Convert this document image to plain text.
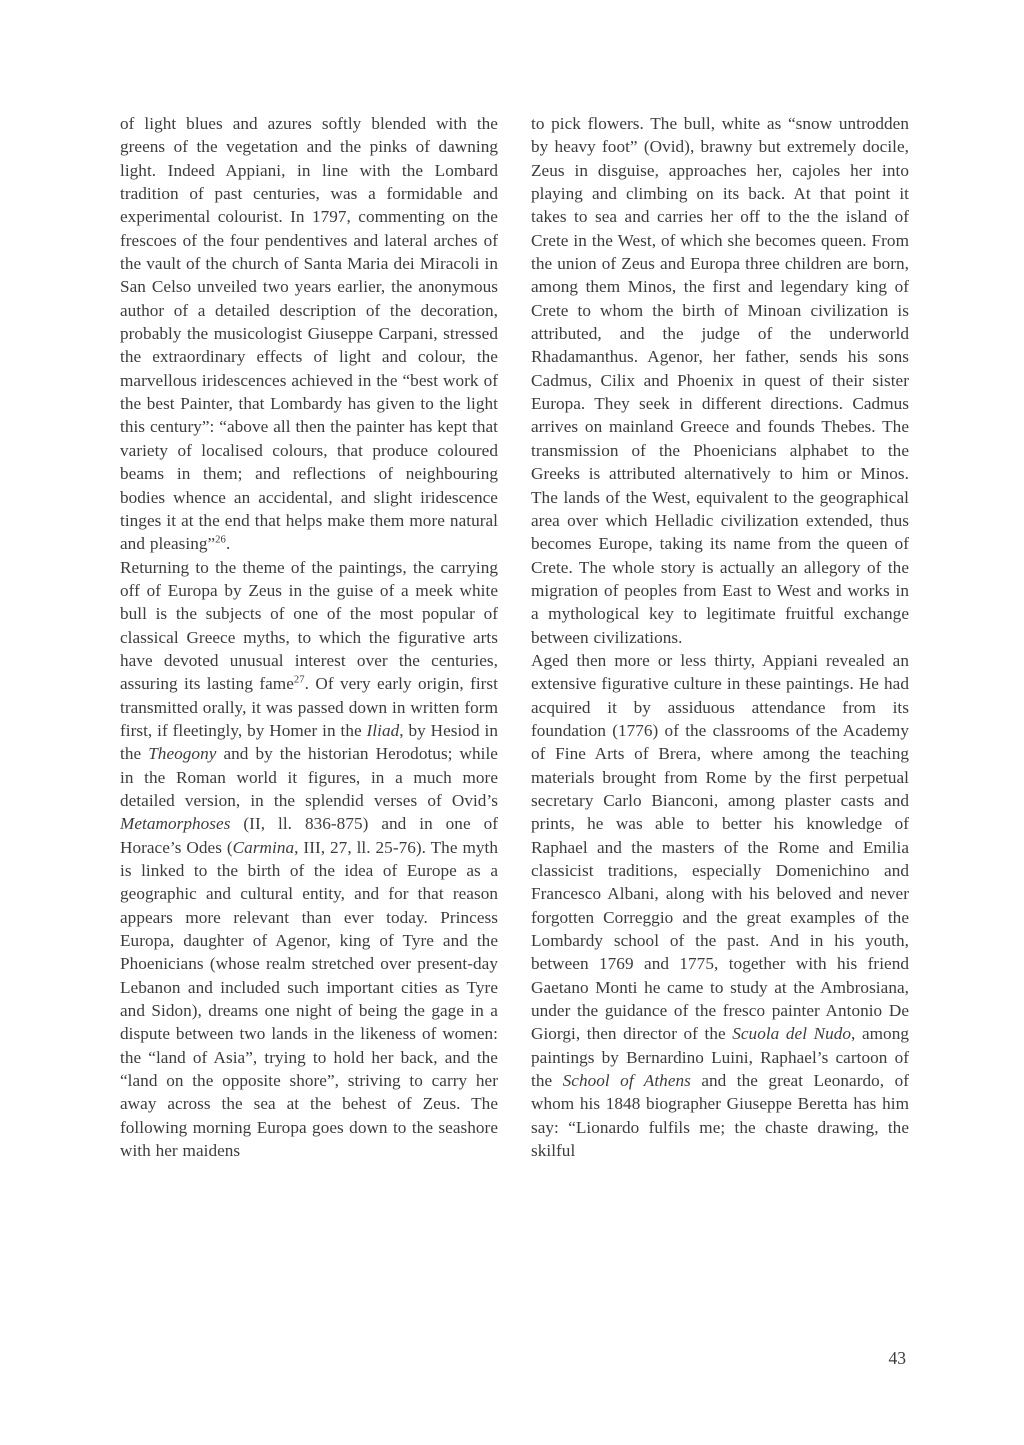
of light blues and azures softly blended with the greens of the vegetation and the pinks of dawning light. Indeed Appiani, in line with the Lombard tradition of past centuries, was a formidable and experimental colourist. In 1797, commenting on the frescoes of the four pendentives and lateral arches of the vault of the church of Santa Maria dei Miracoli in San Celso unveiled two years earlier, the anonymous author of a detailed description of the decoration, probably the musicologist Giuseppe Carpani, stressed the extraordinary effects of light and colour, the marvellous iridescences achieved in the “best work of the best Painter, that Lombardy has given to the light this century”: “above all then the painter has kept that variety of localised colours, that produce coloured beams in them; and reflections of neighbouring bodies whence an accidental, and slight iridescence tinges it at the end that helps make them more natural and pleasing”$^{26}$.

Returning to the theme of the paintings, the carrying off of Europa by Zeus in the guise of a meek white bull is the subjects of one of the most popular of classical Greece myths, to which the figurative arts have devoted unusual interest over the centuries, assuring its lasting fame$^{27}$. Of very early origin, first transmitted orally, it was passed down in written form first, if fleetingly, by Homer in the Iliad, by Hesiod in the Theogony and by the historian Herodotus; while in the Roman world it figures, in a much more detailed version, in the splendid verses of Ovid’s Metamorphoses (II, ll. 836-875) and in one of Horace’s Odes (Carmina, III, 27, ll. 25-76). The myth is linked to the birth of the idea of Europe as a geographic and cultural entity, and for that reason appears more relevant than ever today. Princess Europa, daughter of Agenor, king of Tyre and the Phoenicians (whose realm stretched over present-day Lebanon and included such important cities as Tyre and Sidon), dreams one night of being the gage in a dispute between two lands in the likeness of women: the “land of Asia”, trying to hold her back, and the “land on the opposite shore”, striving to carry her away across the sea at the behest of Zeus. The following morning Europa goes down to the seashore with her maidens

to pick flowers. The bull, white as “snow untrodden by heavy foot” (Ovid), brawny but extremely docile, Zeus in disguise, approaches her, cajoles her into playing and climbing on its back. At that point it takes to sea and carries her off to the the island of Crete in the West, of which she becomes queen. From the union of Zeus and Europa three children are born, among them Minos, the first and legendary king of Crete to whom the birth of Minoan civilization is attributed, and the judge of the underworld Rhadamanthus. Agenor, her father, sends his sons Cadmus, Cilix and Phoenix in quest of their sister Europa. They seek in different directions. Cadmus arrives on mainland Greece and founds Thebes. The transmission of the Phoenicians alphabet to the Greeks is attributed alternatively to him or Minos. The lands of the West, equivalent to the geographical area over which Helladic civilization extended, thus becomes Europe, taking its name from the queen of Crete. The whole story is actually an allegory of the migration of peoples from East to West and works in a mythological key to legitimate fruitful exchange between civilizations.

Aged then more or less thirty, Appiani revealed an extensive figurative culture in these paintings. He had acquired it by assiduous attendance from its foundation (1776) of the classrooms of the Academy of Fine Arts of Brera, where among the teaching materials brought from Rome by the first perpetual secretary Carlo Bianconi, among plaster casts and prints, he was able to better his knowledge of Raphael and the masters of the Rome and Emilia classicist traditions, especially Domenichino and Francesco Albani, along with his beloved and never forgotten Correggio and the great examples of the Lombardy school of the past. And in his youth, between 1769 and 1775, together with his friend Gaetano Monti he came to study at the Ambrosiana, under the guidance of the fresco painter Antonio De Giorgi, then director of the Scuola del Nudo, among paintings by Bernardino Luini, Raphael’s cartoon of the School of Athens and the great Leonardo, of whom his 1848 biographer Giuseppe Beretta has him say: “Lionardo fulfils me; the chaste drawing, the skilful

43
